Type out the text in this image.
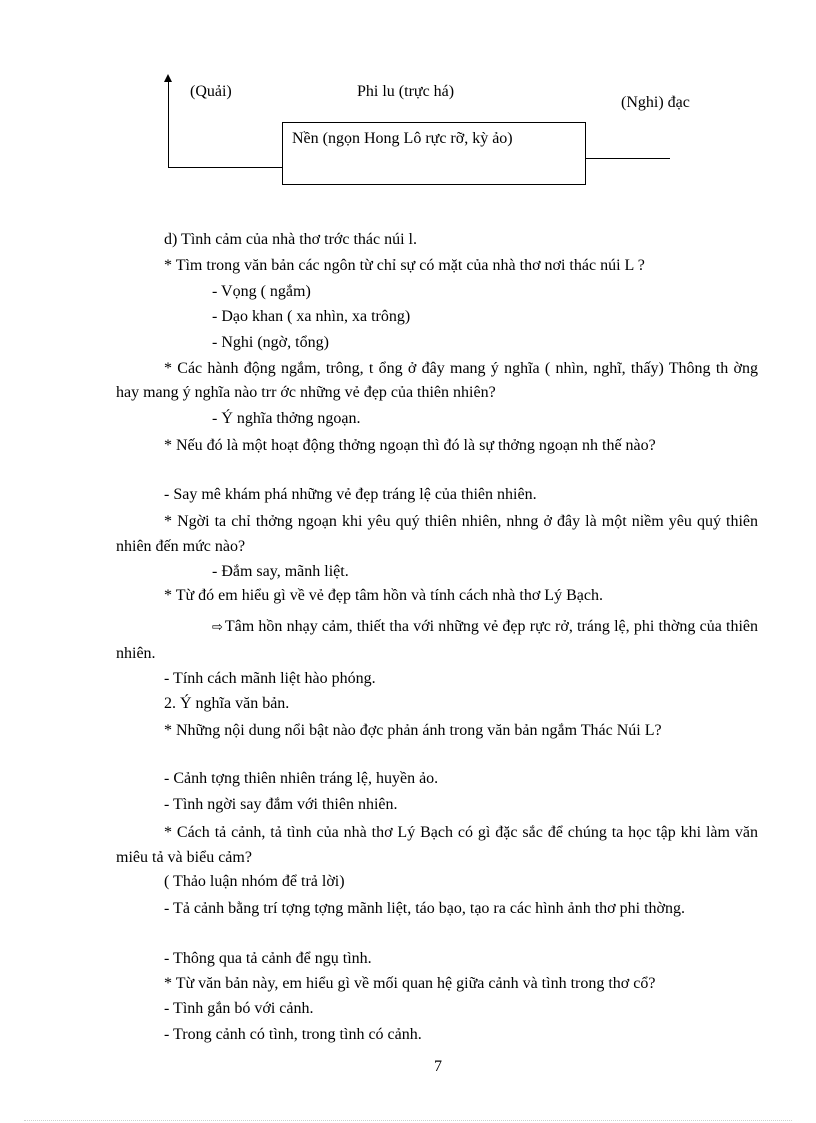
(Quải)	Phi lu (trực há)
(Nghi) đạc
Nền (ngọn Hong Lô rực rỡ, kỳ ảo)
d) Tình cảm của nhà thơ trớc thác núi l.
* Tìm trong văn bản các ngôn từ chỉ sự có mặt của nhà thơ nơi thác núi L ?
- Vọng ( ngắm)
- Dạo khan ( xa nhìn, xa trông)
- Nghi (ngờ, tổng)
* Các hành động ngắm, trông, t ổng ở đây mang ý nghĩa ( nhìn, nghĩ, thấy) Thông th ờng hay mang ý nghĩa nào trr ớc những vẻ đẹp của thiên nhiên?
- Ý nghĩa thởng ngoạn.
* Nếu đó là một hoạt động thởng ngoạn thì đó là sự thởng ngoạn nh thế nào?
- Say mê khám phá những vẻ đẹp tráng lệ của thiên nhiên.
* Ngời ta chỉ thởng ngoạn khi yêu quý thiên nhiên, nhng ở đây là một niềm yêu quý thiên nhiên đến mức nào?
- Đắm say, mãnh liệt.
* Từ đó em hiểu gì về vẻ đẹp tâm hồn và tính cách nhà thơ Lý Bạch.
⇨ Tâm hồn nhạy cảm, thiết tha với những vẻ đẹp rực rở, tráng lệ, phi thờng của thiên nhiên.
- Tính cách mãnh liệt hào phóng.
2. Ý nghĩa văn bản.
* Những nội dung nổi bật nào đợc phản ánh trong văn bản ngắm Thác Núi L?
- Cảnh tợng thiên nhiên tráng lệ, huyền ảo.
- Tình ngời say đắm với thiên nhiên.
* Cách tả cảnh, tả tình của nhà thơ Lý Bạch có gì đặc sắc để chúng ta học tập khi làm văn miêu tả và biểu cảm?
( Thảo luận nhóm để trả lời)
- Tả cảnh bằng trí tợng tợng mãnh liệt, táo bạo, tạo ra các hình ảnh thơ phi thờng.
- Thông qua tả cảnh để ngụ tình.
* Từ văn bản này, em hiểu gì về mối quan hệ giữa cảnh và tình trong thơ cổ?
- Tình gắn bó với cảnh.
- Trong cảnh có tình, trong tình có cảnh.
7
